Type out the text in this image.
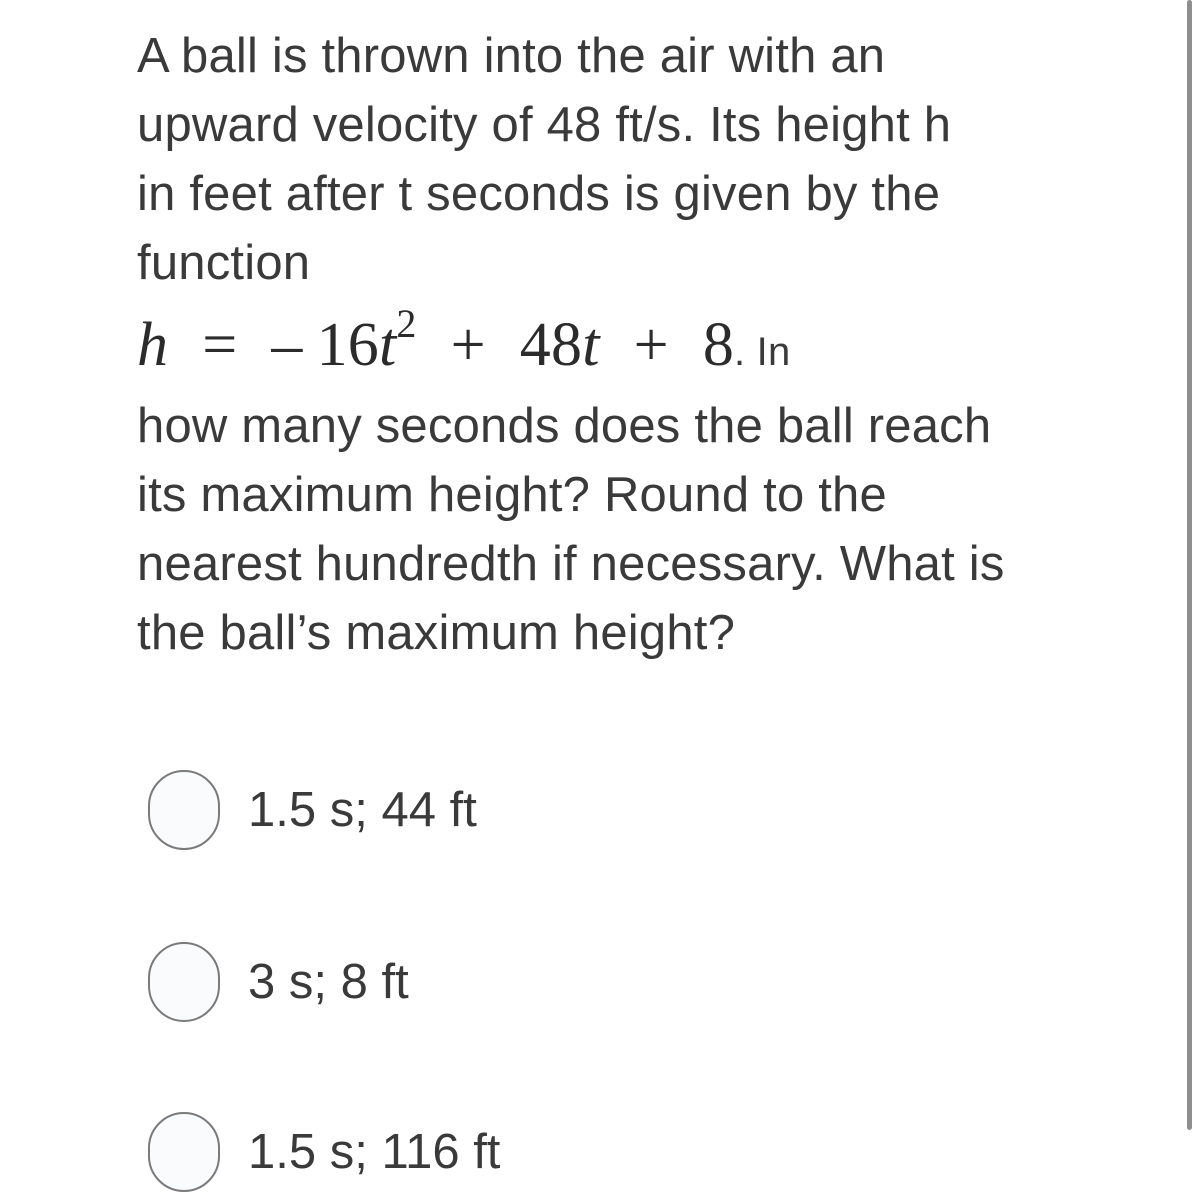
A ball is thrown into the air with an
upward velocity of 48 ft/s. Its height h
in feet after t seconds is given by the
function
h = – $16t^2 + 48t + 8$. In
how many seconds does the ball reach
its maximum height? Round to the
nearest hundredth if necessary. What is
the ball’s maximum height?
1.5 s; 44 ft
3 s; 8 ft
1.5 s; 116 ft
